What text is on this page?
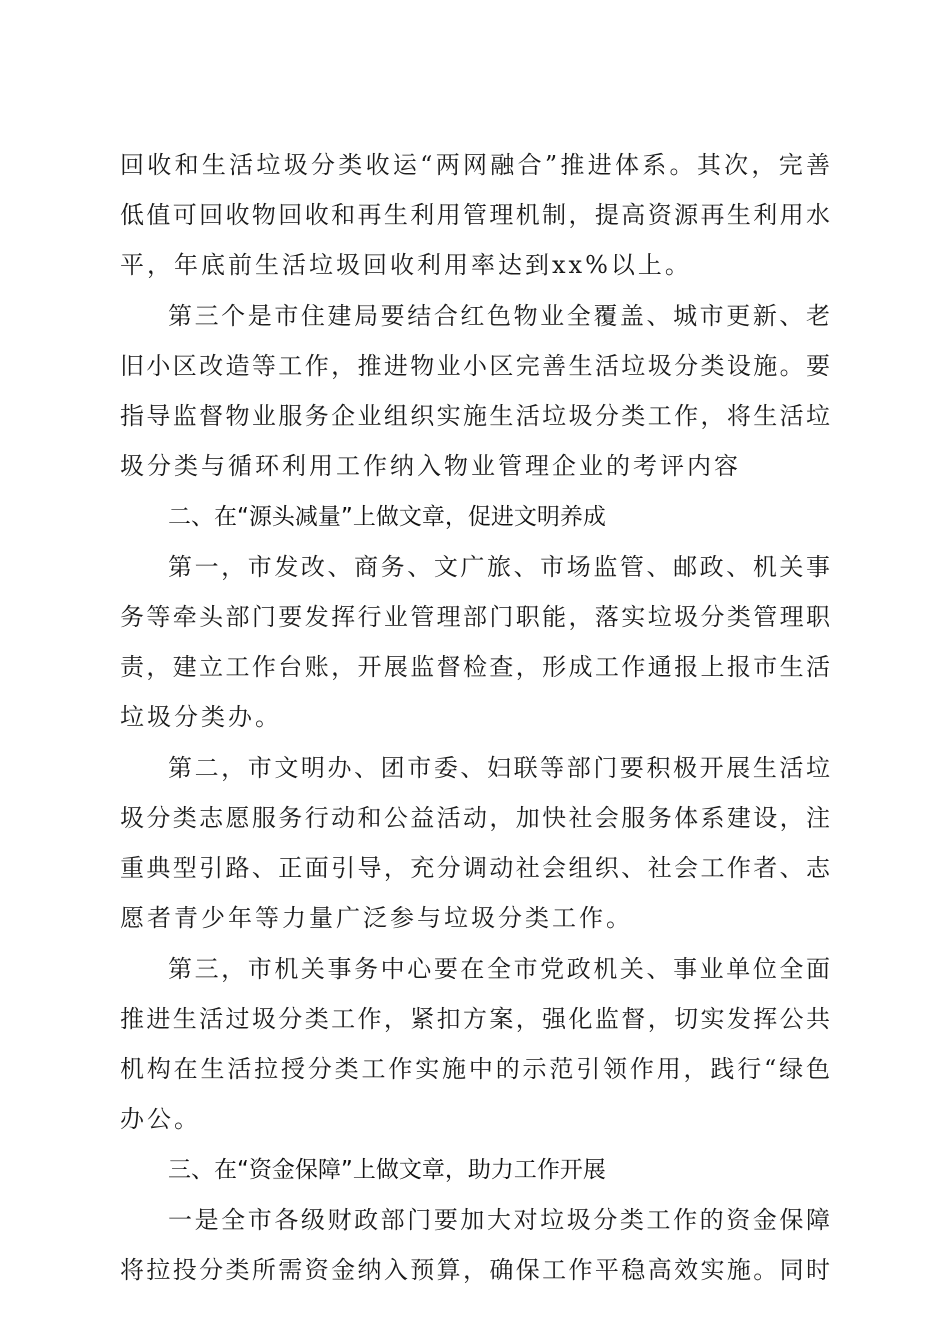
回收和生活垃圾分类收运“两网融合”推进体系。其次，完善
低值可回收物回收和再生利用管理机制，提高资源再生利用水
平，年底前生活垃圾回收利用率达到xx%以上。
第三个是市住建局要结合红色物业全覆盖、城市更新、老
旧小区改造等工作，推进物业小区完善生活垃圾分类设施。要
指导监督物业服务企业组织实施生活垃圾分类工作，将生活垃
圾分类与循环利用工作纳入物业管理企业的考评内容
二、在“源头减量”上做文章，促进文明养成
第一，市发改、商务、文广旅、市场监管、邮政、机关事
务等牵头部门要发挥行业管理部门职能，落实垃圾分类管理职
责，建立工作台账，开展监督检查，形成工作通报上报市生活
垃圾分类办。
第二，市文明办、团市委、妇联等部门要积极开展生活垃
圾分类志愿服务行动和公益活动，加快社会服务体系建设，注
重典型引路、正面引导，充分调动社会组织、社会工作者、志
愿者青少年等力量广泛参与垃圾分类工作。
第三，市机关事务中心要在全市党政机关、事业单位全面
推进生活过圾分类工作，紧扣方案，强化监督，切实发挥公共
机构在生活拉授分类工作实施中的示范引领作用，践行“绿色
办公。
三、在“资金保障”上做文章，助力工作开展
一是全市各级财政部门要加大对垃圾分类工作的资金保障
将拉投分类所需资金纳入预算，确保工作平稳高效实施。同时
